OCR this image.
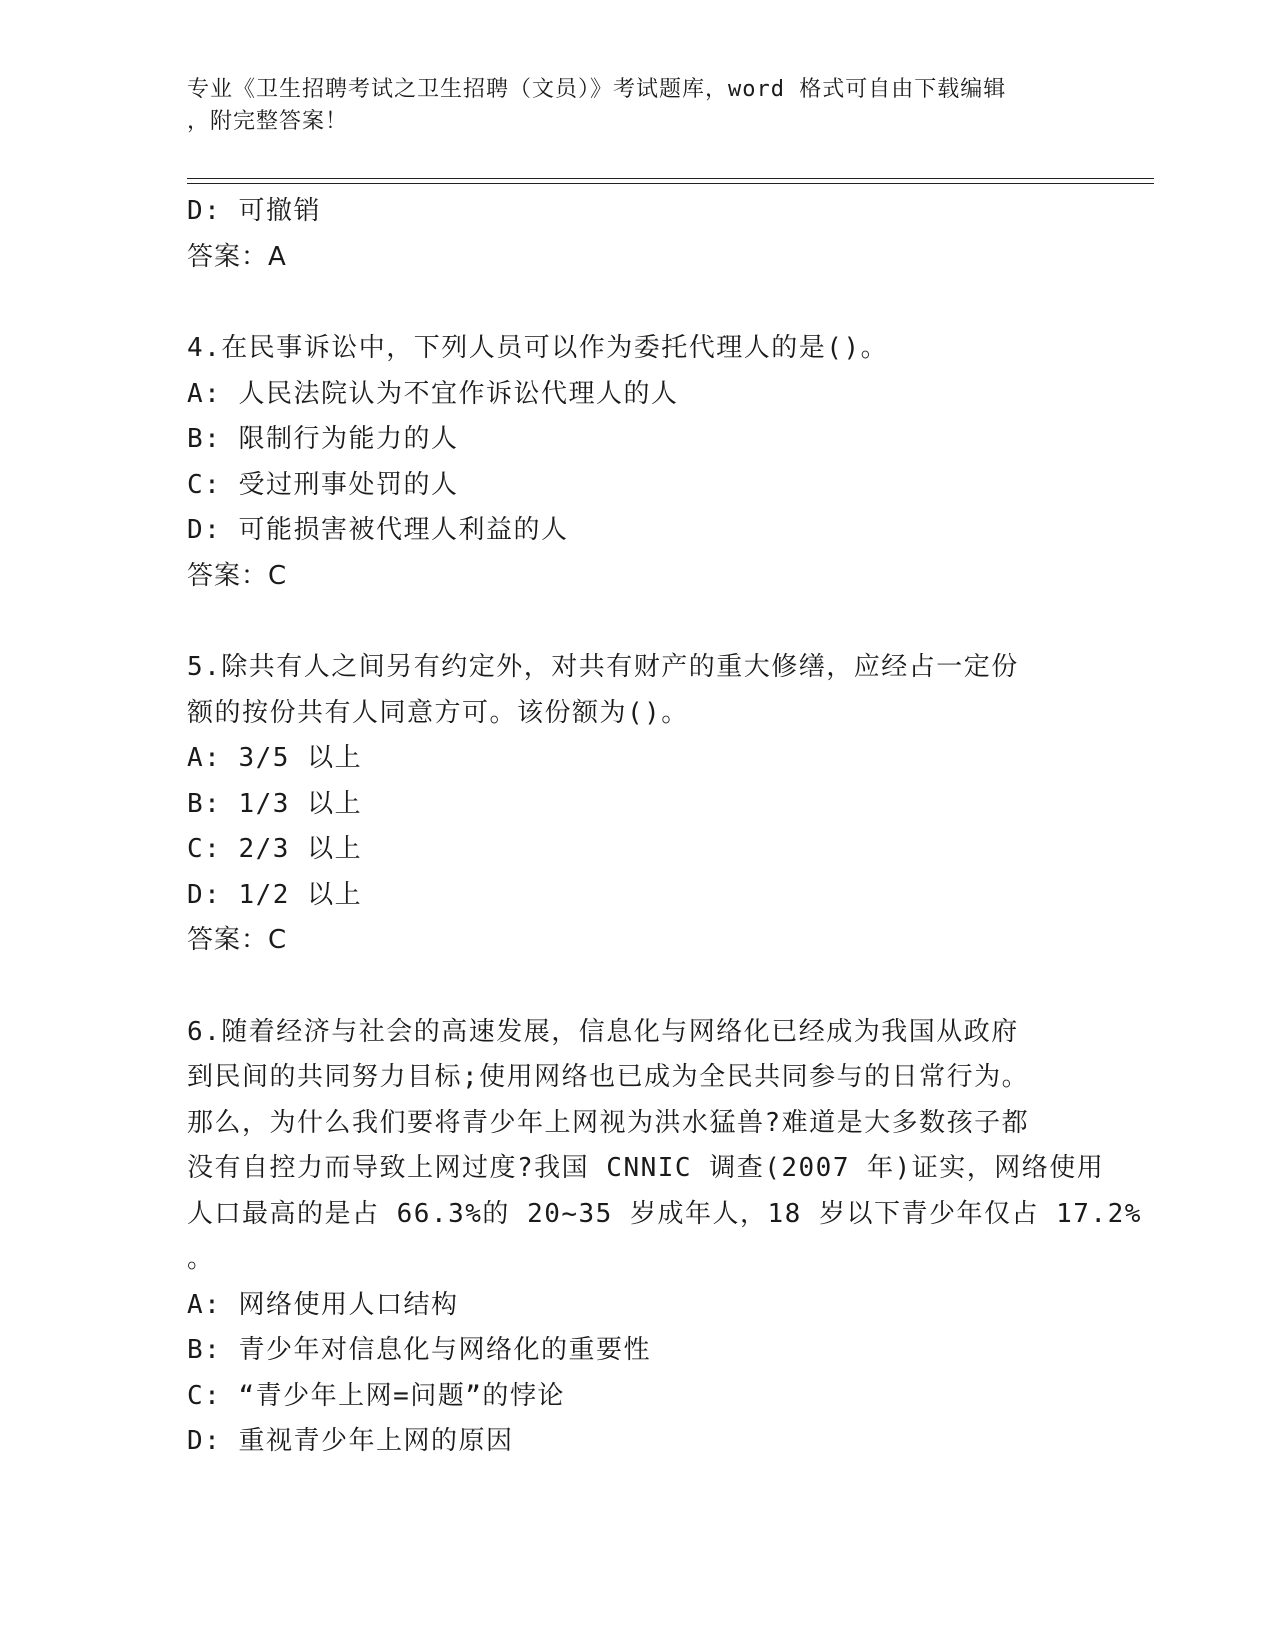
专业《卫生招聘考试之卫生招聘（文员）》考试题库，word 格式可自由下载编辑
，附完整答案！

D: 可撤销

答案：A

4.在民事诉讼中，下列人员可以作为委托代理人的是()。

A: 人民法院认为不宜作诉讼代理人的人

B: 限制行为能力的人

C: 受过刑事处罚的人

D: 可能损害被代理人利益的人

答案：C

5.除共有人之间另有约定外，对共有财产的重大修缮，应经占一定份

额的按份共有人同意方可。该份额为()。

A: 3/5 以上

B: 1/3 以上

C: 2/3 以上

D: 1/2 以上

答案：C

6.随着经济与社会的高速发展，信息化与网络化已经成为我国从政府

到民间的共同努力目标;使用网络也已成为全民共同参与的日常行为。

那么，为什么我们要将青少年上网视为洪水猛兽?难道是大多数孩子都

没有自控力而导致上网过度?我国 CNNIC 调查(2007 年)证实，网络使用

人口最高的是占 66.3%的 20~35 岁成年人，18 岁以下青少年仅占 17.2%

。

A: 网络使用人口结构

B: 青少年对信息化与网络化的重要性

C: “青少年上网=问题”的悖论

D: 重视青少年上网的原因
